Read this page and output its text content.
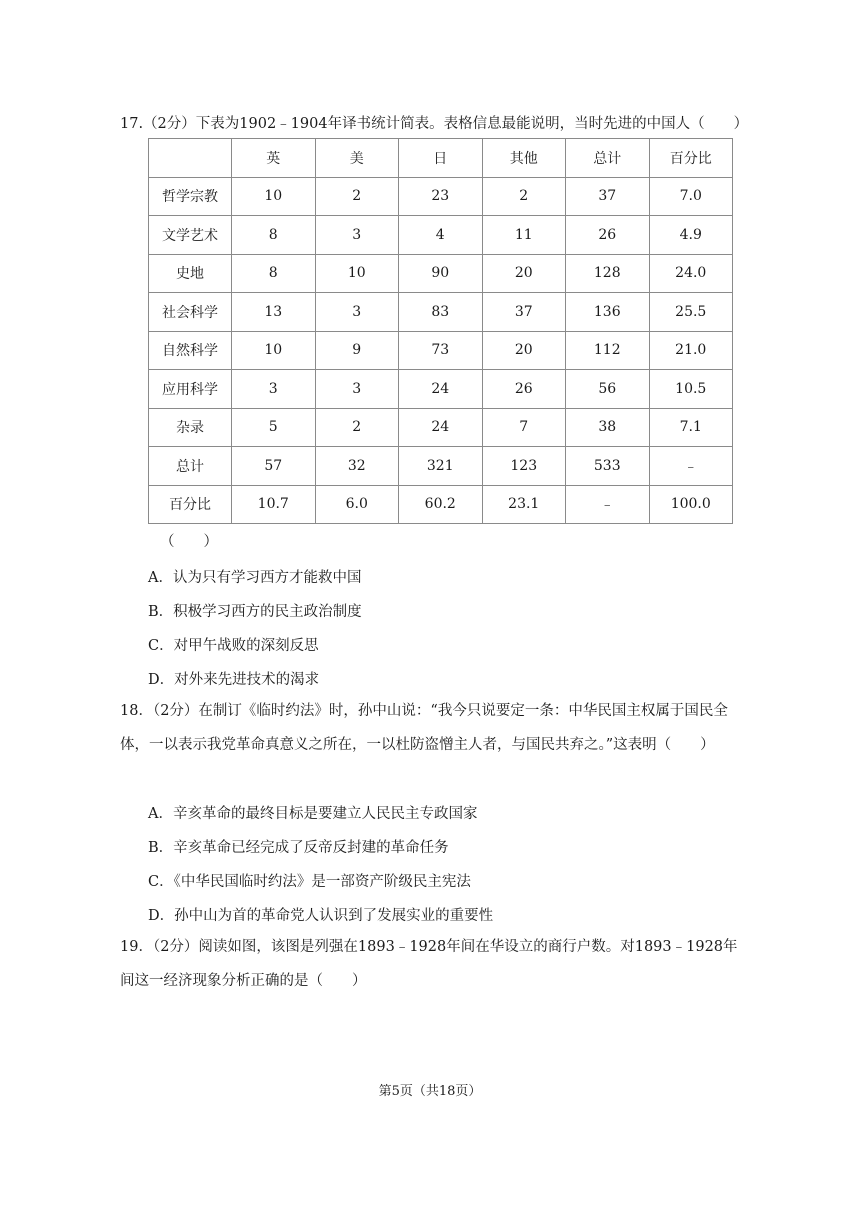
17.（2分）下表为1902﹣1904年译书统计简表。表格信息最能说明，当时先进的中国人（　　）
	英	美	日	其他	总计	百分比
哲学宗教	10	2	23	2	37	7.0
文学艺术	8	3	4	11	26	4.9
史地	8	10	90	20	128	24.0
社会科学	13	3	83	37	136	25.5
自然科学	10	9	73	20	112	21.0
应用科学	3	3	24	26	56	10.5
杂录	5	2	24	7	38	7.1
总计	57	32	321	123	533	﹣
百分比	10.7	6.0	60.2	23.1	﹣	100.0
（　　）
A．认为只有学习西方才能救中国
B．积极学习西方的民主政治制度
C．对甲午战败的深刻反思
D．对外来先进技术的渴求
18．（2分）在制订《临时约法》时，孙中山说：“我今只说要定一条：中华民国主权属于国民全体，一以表示我党革命真意义之所在，一以杜防盗憎主人者，与国民共弃之。”这表明（　　）
A．辛亥革命的最终目标是要建立人民民主专政国家
B．辛亥革命已经完成了反帝反封建的革命任务
C．《中华民国临时约法》是一部资产阶级民主宪法
D．孙中山为首的革命党人认识到了发展实业的重要性
19．（2分）阅读如图，该图是列强在1893﹣1928年间在华设立的商行户数。对1893﹣1928年间这一经济现象分析正确的是（　　）
第5页（共18页）
